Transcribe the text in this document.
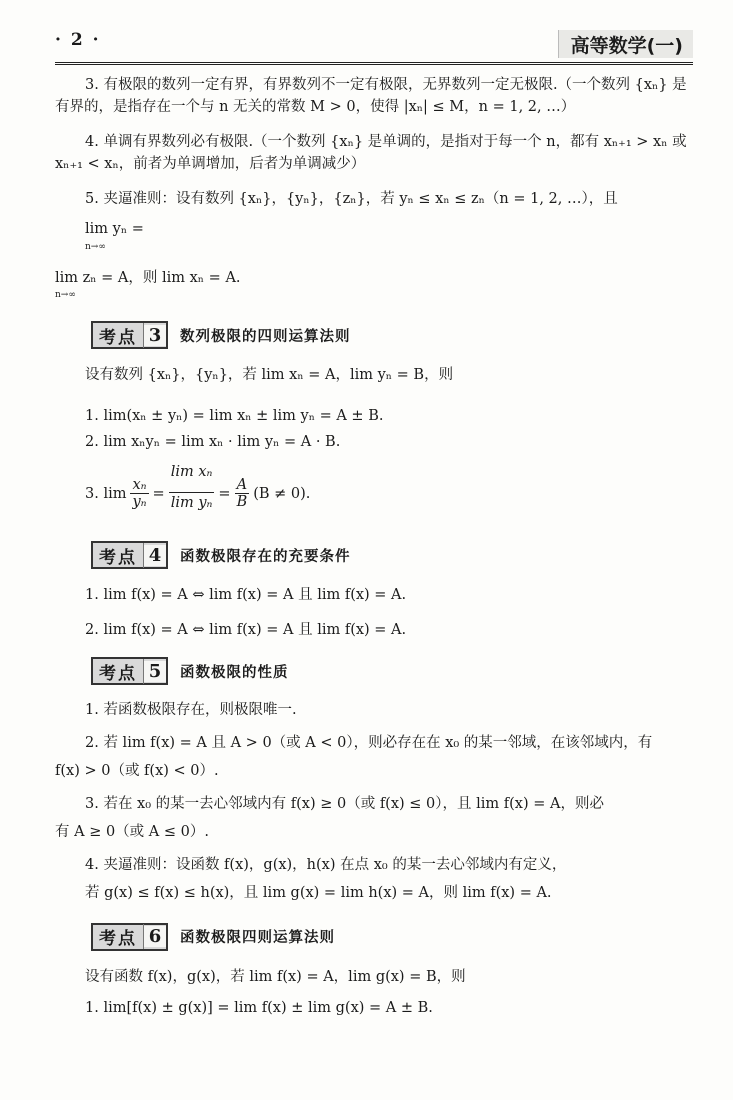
· 2 ·	高等数学(一)

3. 有极限的数列一定有界，有界数列不一定有极限，无界数列一定无极限.（一个数列 {xₙ} 是有界的，是指存在一个与 n 无关的常数 M > 0，使得 |xₙ| ≤ M，n = 1, 2, …）

4. 单调有界数列必有极限.（一个数列 {xₙ} 是单调的，是指对于每一个 n，都有 xₙ₊₁ > xₙ 或 xₙ₊₁ < xₙ，前者为单调增加，后者为单调减少）

5. 夹逼准则：设有数列 {xₙ}，{yₙ}，{zₙ}，若 yₙ ≤ xₙ ≤ zₙ（n = 1, 2, …），且 lim yₙ =
n→∞

lim zₙ = A，则 lim xₙ = A.
n→∞

考点 3	数列极限的四则运算法则
设有数列 {xₙ}，{yₙ}，若 lim xₙ = A，lim yₙ = B，则
1. lim(xₙ ± yₙ) = lim xₙ ± lim yₙ = A ± B.
2. lim xₙyₙ = lim xₙ · lim yₙ = A · B.
3. $\lim \frac{\text{xₙ}}{\text{yₙ}} = \frac{\text{lim xₙ}}{\text{lim yₙ}} = \frac{A}{B} (B \ne 0)$.
考点 4	函数极限存在的充要条件
1. lim f(x) = A ⇔ lim f(x) = A 且 lim f(x) = A.
2. lim f(x) = A ⇔ lim f(x) = A 且 lim f(x) = A.
考点 5	函数极限的性质

1. 若函数极限存在，则极限唯一.

2. 若 lim f(x) = A 且 A > 0（或 A < 0），则必存在在 x₀ 的某一邻域，在该邻域内，有

f(x) > 0（或 f(x) < 0）.

3. 若在 x₀ 的某一去心邻域内有 f(x) ≥ 0（或 f(x) ≤ 0），且 lim f(x) = A，则必

有 A ≥ 0（或 A ≤ 0）.

4. 夹逼准则：设函数 f(x)，g(x)，h(x) 在点 x₀ 的某一去心邻域内有定义，

若 g(x) ≤ f(x) ≤ h(x)，且 lim g(x) = lim h(x) = A，则 lim f(x) = A.

考点 6	函数极限四则运算法则
设有函数 f(x)，g(x)，若 lim f(x) = A，lim g(x) = B，则
1. lim[f(x) ± g(x)] = lim f(x) ± lim g(x) = A ± B.
